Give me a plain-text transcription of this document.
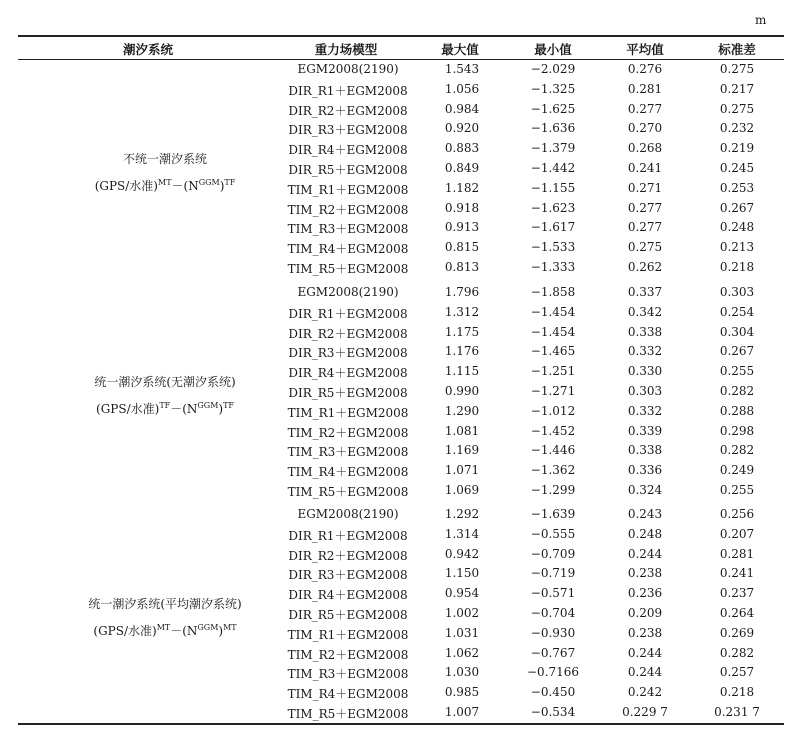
m
潮汐系统	重力场模型	最大值	最小值	平均值	标准差
不统一潮汐系统
(GPS/水准)$^{MT}-(N^{GGM})^{TF}$
EGM2008(2190)	1.543	−2.029	0.276	0.275
DIR_R1＋EGM2008	1.056	−1.325	0.281	0.217
DIR_R2＋EGM2008	0.984	−1.625	0.277	0.275
DIR_R3＋EGM2008	0.920	−1.636	0.270	0.232
DIR_R4＋EGM2008	0.883	−1.379	0.268	0.219
DIR_R5＋EGM2008	0.849	−1.442	0.241	0.245
TIM_R1＋EGM2008	1.182	−1.155	0.271	0.253
TIM_R2＋EGM2008	0.918	−1.623	0.277	0.267
TIM_R3＋EGM2008	0.913	−1.617	0.277	0.248
TIM_R4＋EGM2008	0.815	−1.533	0.275	0.213
TIM_R5＋EGM2008	0.813	−1.333	0.262	0.218
统一潮汐系统(无潮汐系统)
(GPS/水准)$^{TF}-(N^{GGM})^{TF}$
EGM2008(2190)	1.796	−1.858	0.337	0.303
DIR_R1＋EGM2008	1.312	−1.454	0.342	0.254
DIR_R2＋EGM2008	1.175	−1.454	0.338	0.304
DIR_R3＋EGM2008	1.176	−1.465	0.332	0.267
DIR_R4＋EGM2008	1.115	−1.251	0.330	0.255
DIR_R5＋EGM2008	0.990	−1.271	0.303	0.282
TIM_R1＋EGM2008	1.290	−1.012	0.332	0.288
TIM_R2＋EGM2008	1.081	−1.452	0.339	0.298
TIM_R3＋EGM2008	1.169	−1.446	0.338	0.282
TIM_R4＋EGM2008	1.071	−1.362	0.336	0.249
TIM_R5＋EGM2008	1.069	−1.299	0.324	0.255
统一潮汐系统(平均潮汐系统)
(GPS/水准)$^{MT}-(N^{GGM})^{MT}$
EGM2008(2190)	1.292	−1.639	0.243	0.256
DIR_R1＋EGM2008	1.314	−0.555	0.248	0.207
DIR_R2＋EGM2008	0.942	−0.709	0.244	0.281
DIR_R3＋EGM2008	1.150	−0.719	0.238	0.241
DIR_R4＋EGM2008	0.954	−0.571	0.236	0.237
DIR_R5＋EGM2008	1.002	−0.704	0.209	0.264
TIM_R1＋EGM2008	1.031	−0.930	0.238	0.269
TIM_R2＋EGM2008	1.062	−0.767	0.244	0.282
TIM_R3＋EGM2008	1.030	−0.7166	0.244	0.257
TIM_R4＋EGM2008	0.985	−0.450	0.242	0.218
TIM_R5＋EGM2008	1.007	−0.534	0.229 7	0.231 7
